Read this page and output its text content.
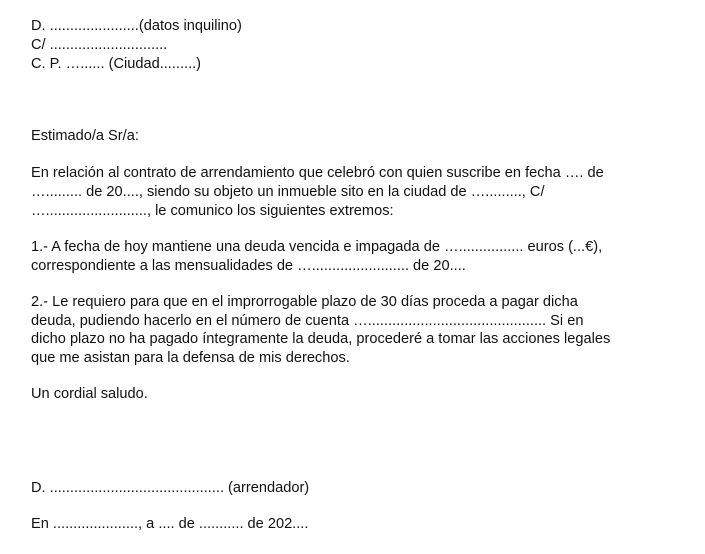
D. ......................(datos inquilino)
C/ .............................
C. P. …...... (Ciudad.........)
Estimado/a Sr/a:
En relación al contrato de arrendamiento que celebró con quien suscribe en fecha …. de
…......... de 20...., siendo su objeto un inmueble sito en la ciudad de …........., C/
…........................., le comunico los siguientes extremos:
1.- A fecha de hoy mantiene una deuda vencida e impagada de …................ euros (...€),
correspondiente a las mensualidades de …........................ de 20....
2.- Le requiero para que en el improrrogable plazo de 30 días proceda a pagar dicha
deuda, pudiendo hacerlo en el número de cuenta …............................................ Si en
dicho plazo no ha pagado íntegramente la deuda, procederé a tomar las acciones legales
que me asistan para la defensa de mis derechos.
Un cordial saludo.
D. ........................................... (arrendador)
En ....................., a .... de ........... de 202....
